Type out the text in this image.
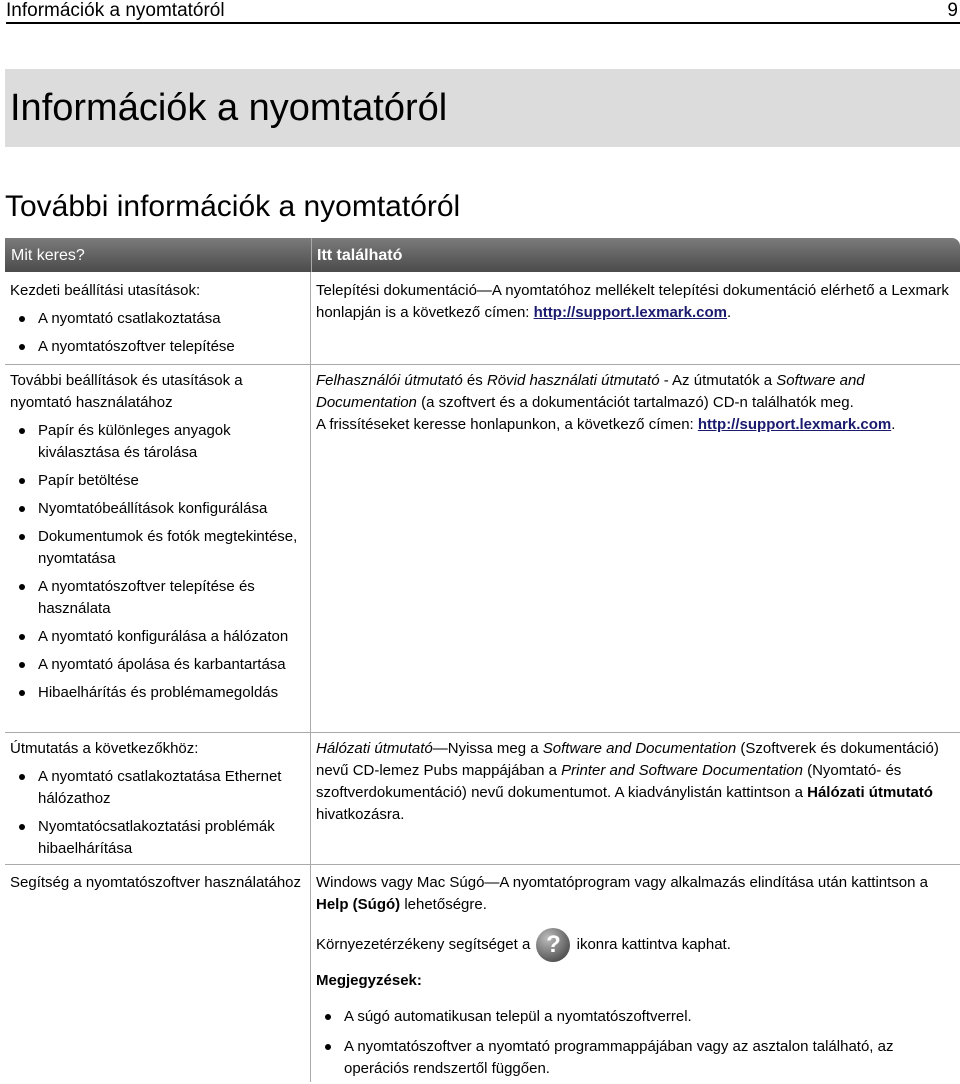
Információk a nyomtatóról	9
Információk a nyomtatóról
További információk a nyomtatóról
Mit keres?	Itt található

Kezdeti beállítási utasítások:

A nyomtató csatlakoztatása
A nyomtatószoftver telepítése

Telepítési dokumentáció—A nyomtatóhoz mellékelt telepítési dokumentáció elérhető a Lexmark honlapján is a következő címen: http://support.lexmark.com.

További beállítások és utasítások a nyomtató használatához

Papír és különleges anyagok kiválasztása és tárolása
Papír betöltése
Nyomtatóbeállítások konfigurálása
Dokumentumok és fotók megtekintése, nyomtatása
A nyomtatószoftver telepítése és használata
A nyomtató konfigurálása a hálózaton
A nyomtató ápolása és karbantartása
Hibaelhárítás és problémamegoldás

Felhasználói útmutató és Rövid használati útmutató - Az útmutatók a Software and Documentation (a szoftvert és a dokumentációt tartalmazó) CD-n találhatók meg.

A frissítéseket keresse honlapunkon, a következő címen: http://support.lexmark.com.

Útmutatás a következőkhöz:

A nyomtató csatlakoztatása Ethernet hálózathoz
Nyomtatócsatlakoztatási problémák hibaelhárítása

Hálózati útmutató—Nyissa meg a Software and Documentation (Szoftverek és dokumentáció) nevű CD-lemez Pubs mappájában a Printer and Software Documentation (Nyomtató- és szoftverdokumentáció) nevű dokumentumot. A kiadványlistán kattintson a Hálózati útmutató hivatkozásra.

Segítség a nyomtatószoftver használatához Windows vagy Mac Súgó—A nyomtatóprogram vagy alkalmazás elindítása után kattintson a Help (Súgó) lehetőségre.

Környezetérzékeny segítséget a ? ikonra kattintva kaphat.

Megjegyzések:

A súgó automatikusan települ a nyomtatószoftverrel.
A nyomtatószoftver a nyomtató programmappájában vagy az asztalon található, az operációs rendszertől függően.
